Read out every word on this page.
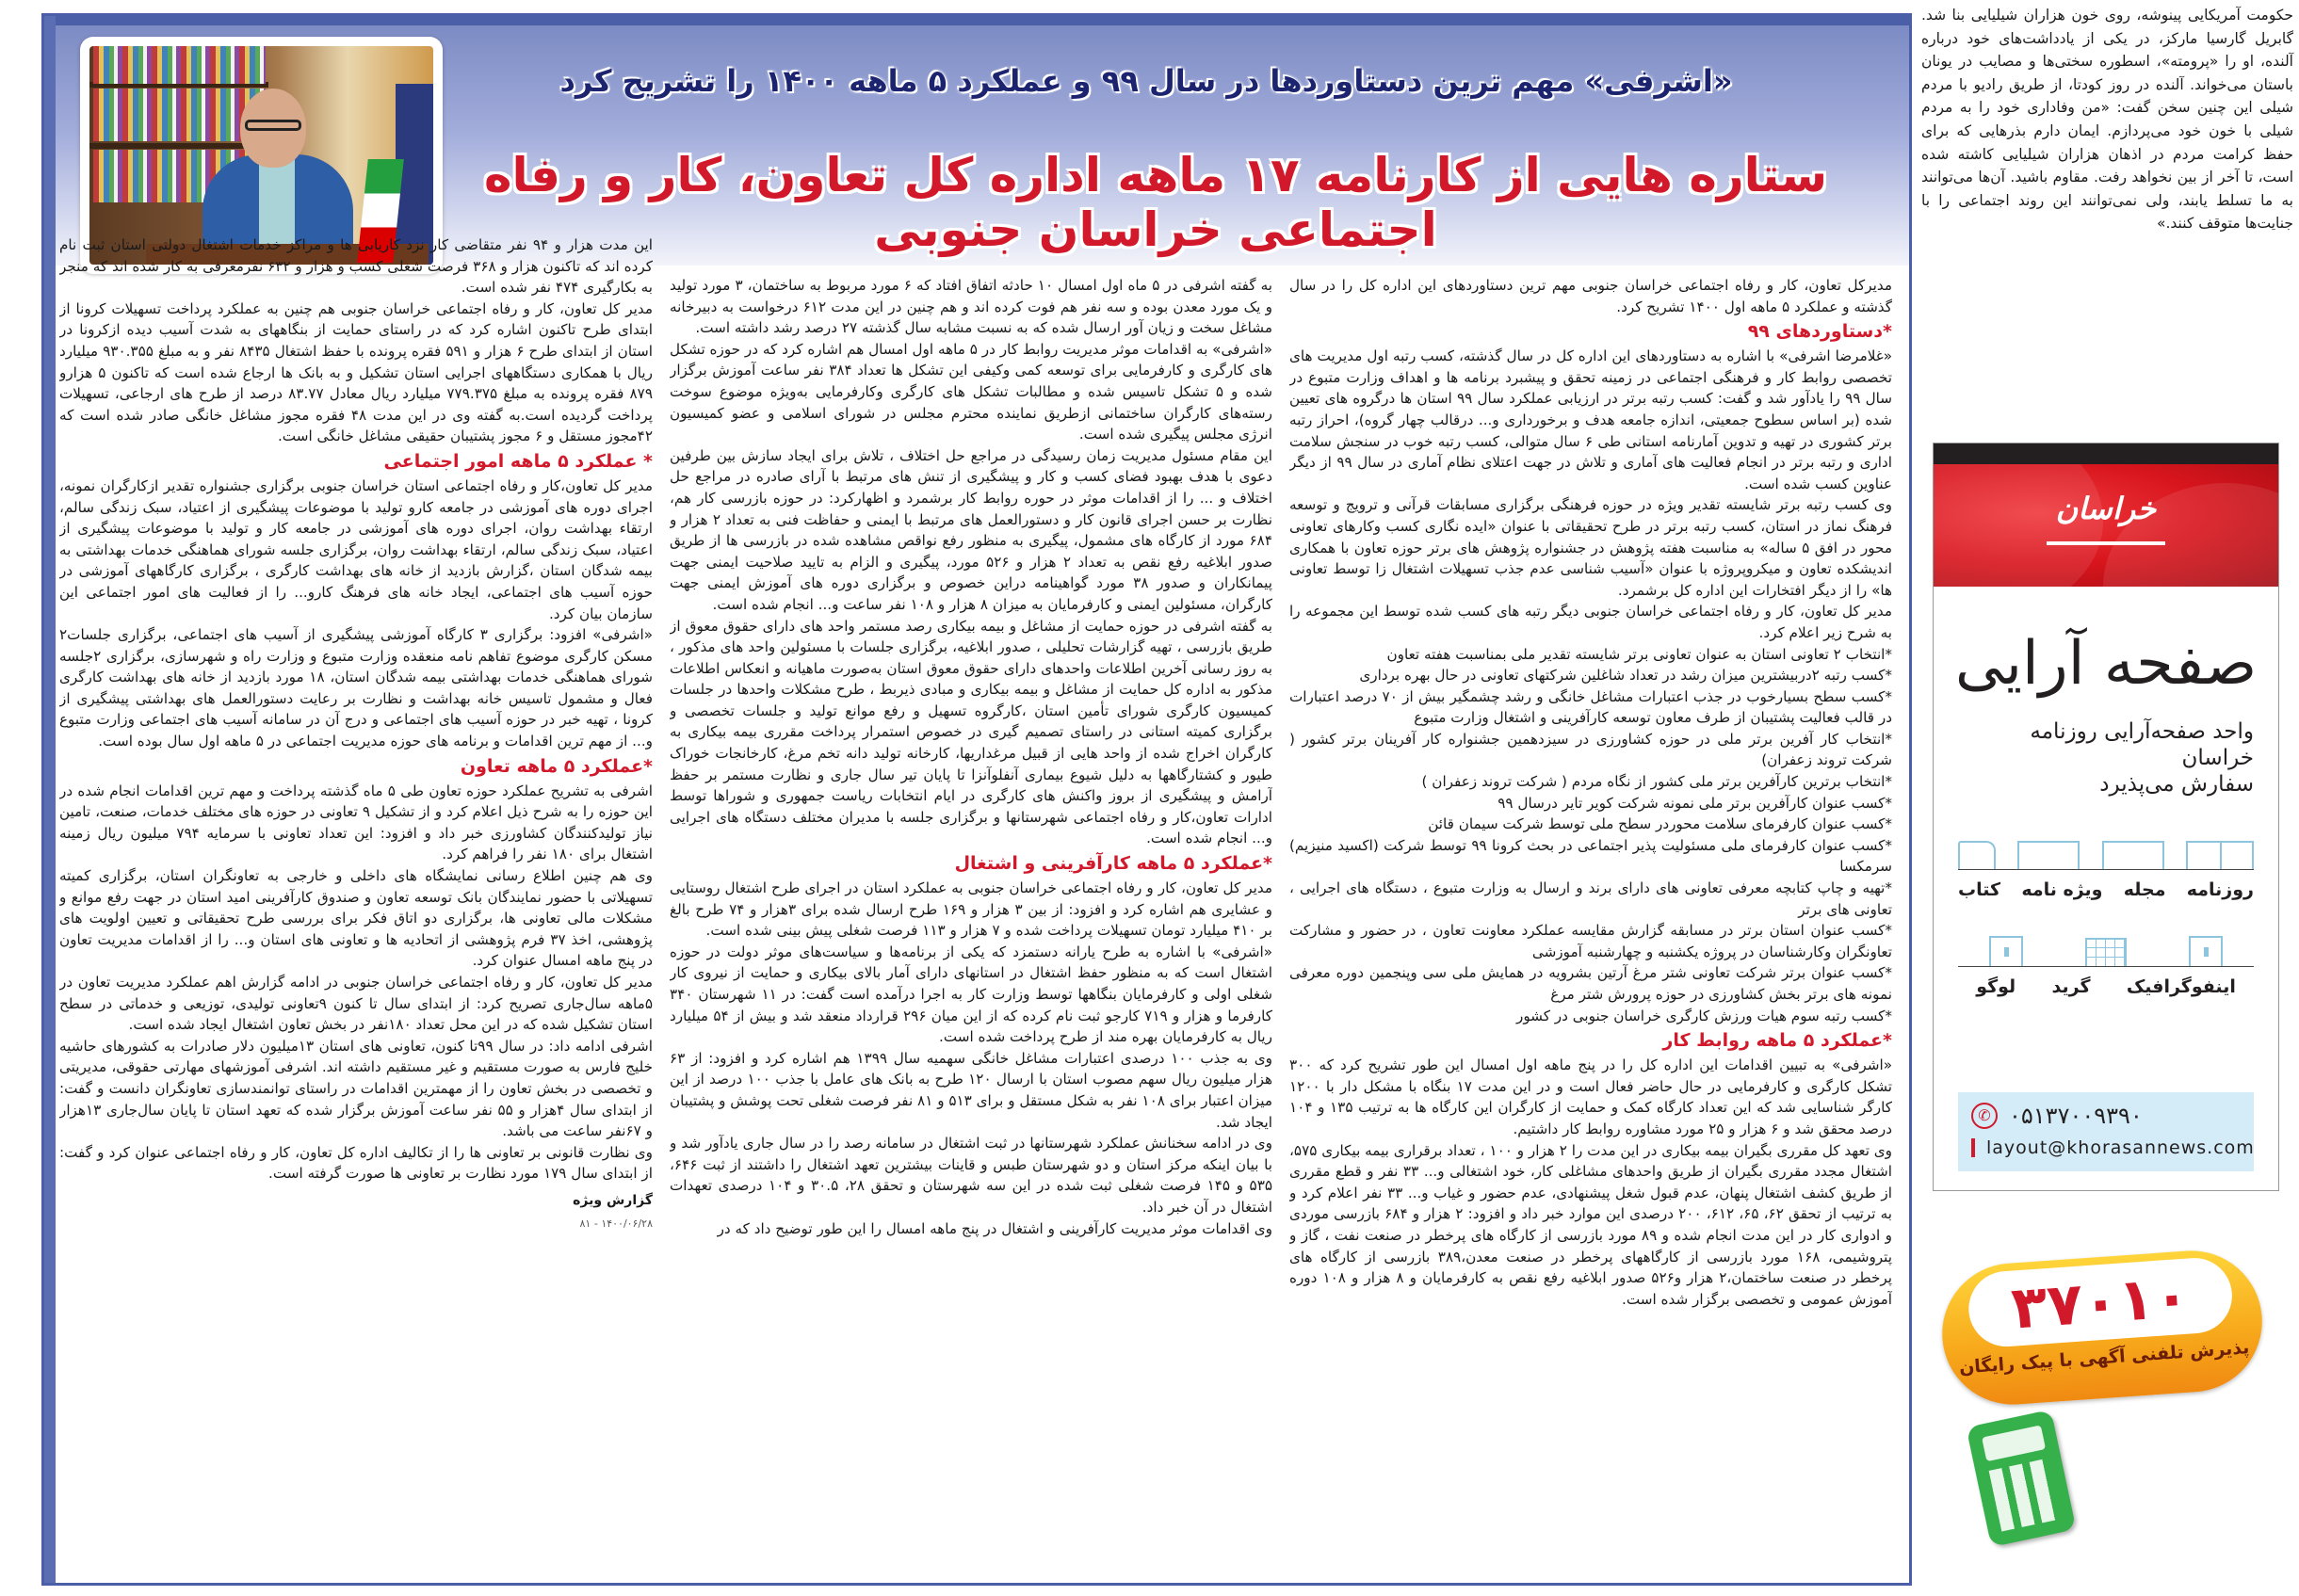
«اشرفی» مهم ترین دستاوردها در سال ۹۹ و عملکرد ۵ ماهه ۱۴۰۰ را تشریح کرد
ستاره هایی از کارنامه ۱۷ ماهه اداره کل تعاون، کار و رفاه اجتماعی خراسان جنوبی

مدیرکل تعاون، کار و رفاه اجتماعی خراسان جنوبی مهم ترین دستاوردهای این اداره کل را در سال گذشته و عملکرد ۵ ماهه اول ۱۴۰۰ تشریح کرد.

*دستاوردهای ۹۹

«غلامرضا اشرفی» با اشاره به دستاوردهای این اداره کل در سال گذشته، کسب رتبه اول مدیریت های تخصصی روابط کار و فرهنگی اجتماعی در زمینه تحقق و پیشبرد برنامه ها و اهداف وزارت متبوع در سال ۹۹ را یادآور شد و گفت: کسب رتبه برتر در ارزیابی عملکرد سال ۹۹ استان ها درگروه های تعیین شده (بر اساس سطوح جمعیتی، اندازه جامعه هدف و برخورداری و... درقالب چهار گروه)، احراز رتبه برتر کشوری در تهیه و تدوین آمارنامه استانی طی ۶ سال متوالی، کسب رتبه خوب در سنجش سلامت اداری و رتبه برتر در انجام فعالیت های آماری و تلاش در جهت اعتلای نظام آماری در سال ۹۹ از دیگر عناوین کسب شده است.

وی کسب رتبه برتر شایسته تقدیر ویژه در حوزه فرهنگی برگزاری مسابقات قرآنی و ترویج و توسعه فرهنگ نماز در استان، کسب رتبه برتر در طرح تحقیقاتی با عنوان «ایده نگاری کسب وکارهای تعاونی محور در افق ۵ ساله» به مناسبت هفته پژوهش در جشنواره پژوهش های برتر حوزه تعاون با همکاری اندیشکده تعاون و میکروپروژه با عنوان «آسیب شناسی عدم جذب تسهیلات اشتغال زا توسط تعاونی ها» را از دیگر افتخارات این اداره کل برشمرد.

مدیر کل تعاون، کار و رفاه اجتماعی خراسان جنوبی دیگر رتبه های کسب شده توسط این مجموعه را به شرح زیر اعلام کرد.

*انتخاب ۲ تعاونی استان به عنوان تعاونی برتر شایسته تقدیر ملی بمناسبت هفته تعاون

*کسب رتبه ۲دربیشترین میزان رشد در تعداد شاغلین شرکتهای تعاونی در حال بهره برداری

*کسب سطح بسیارخوب در جذب اعتبارات مشاغل خانگی و رشد چشمگیر بیش از ۷۰ درصد اعتبارات در قالب فعالیت پشتیبان از طرف معاون توسعه کارآفرینی و اشتغال وزارت متبوع

*انتخاب کار آفرین برتر ملی در حوزه کشاورزی در سیزدهمین جشنواره کار آفرینان برتر کشور ( شرکت تروند زعفران)

*انتخاب برترین کارآفرین برتر ملی کشور از نگاه مردم ( شرکت تروند زعفران )

*کسب عنوان کارآفرین برتر ملی نمونه شرکت کویر تایر درسال ۹۹

*کسب عنوان کارفرمای سلامت محوردر سطح ملی توسط شرکت سیمان قائن

*کسب عنوان کارفرمای ملی مسئولیت پذیر اجتماعی در بحث کرونا ۹۹ توسط شرکت (اکسید منیزیم) سرمکسا

*تهیه و چاپ کتابچه معرفی تعاونی های دارای برند و ارسال به وزارت متبوع ، دستگاه های اجرایی ، تعاونی های برتر

*کسب عنوان استان برتر در مسابقه گزارش مقایسه عملکرد معاونت تعاون ، در حضور و مشارکت تعاونگران وکارشناسان در پروژه یکشنبه و چهارشنبه آموزشی

*کسب عنوان برتر شرکت تعاونی شتر مرغ آرتین بشرویه در همایش ملی سی وپنجمین دوره معرفی نمونه های برتر بخش کشاورزی در حوزه پرورش شتر مرغ

*کسب رتبه سوم هیات ورزش کارگری خراسان جنوبی در کشور

*عملکرد ۵ ماهه روابط کار

«اشرفی» به تبیین اقدامات این اداره کل را در پنج ماهه اول امسال این طور تشریح کرد که ۳۰۰ تشکل کارگری و کارفرمایی در حال حاضر فعال است و در این مدت ۱۷ بنگاه با مشکل دار با ۱۲۰۰ کارگر شناسایی شد که این تعداد کارگاه کمک و حمایت از کارگران این کارگاه ها به ترتیب ۱۳۵ و ۱۰۴ درصد محقق شد و ۶ هزار و ۲۵ مورد مشاوره روابط کار داشتیم.

وی تعهد کل مقرری بگیران بیمه بیکاری در این مدت را ۲ هزار و ۱۰۰ ، تعداد برقراری بیمه بیکاری ۵۷۵، اشتغال مجدد مقرری بگیران از طریق واحدهای مشاغلی کار، خود اشتغالی و... ۳۳ نفر و قطع مقرری از طریق کشف اشتغال پنهان، عدم قبول شغل پیشنهادی، عدم حضور و غیاب و... ۳۳ نفر اعلام کرد و به ترتیب از تحقق ۶۲، ۶۵، ۶۱۲، ۲۰۰ درصدی این موارد خبر داد و افزود: ۲ هزار و ۶۸۴ بازرسی موردی و ادواری کار در این مدت انجام شده و ۸۹ مورد بازرسی از کارگاه های پرخطر در صنعت نفت ، گاز و پتروشیمی، ۱۶۸ مورد بازرسی از کارگاههای پرخطر در صنعت معدن،۳۸۹ بازرسی از کارگاه های پرخطر در صنعت ساختمان،۲ هزار و۵۲۶ صدور ابلاغیه رفع نقص به کارفرمایان و ۸ هزار و ۱۰۸ دوره آموزش عمومی و تخصصی برگزار شده است.

به گفته اشرفی در ۵ ماه اول امسال ۱۰ حادثه اتفاق افتاد که ۶ مورد مربوط به ساختمان، ۳ مورد تولید و یک مورد معدن بوده و سه نفر هم فوت کرده اند و هم چنین در این مدت ۶۱۲ درخواست به دبیرخانه مشاغل سخت و زیان آور ارسال شده که به نسبت مشابه سال گذشته ۲۷ درصد رشد داشته است.

«اشرفی» به اقدامات موثر مدیریت روابط کار در ۵ ماهه اول امسال هم اشاره کرد که در حوزه تشکل های کارگری و کارفرمایی برای توسعه کمی وکیفی این تشکل ها تعداد ۳۸۴ نفر ساعت آموزش برگزار شده و ۵ تشکل تاسیس شده و مطالبات تشکل های کارگری وکارفرمایی به‌ویژه موضوع سوخت رسته‌های کارگران ساختمانی ازطریق نماینده محترم مجلس در شورای اسلامی و عضو کمیسیون انرژی مجلس پیگیری شده است.

این مقام مسئول مدیریت زمان رسیدگی در مراجع حل اختلاف ، تلاش برای ایجاد سازش بین طرفین دعوی با هدف بهبود فضای کسب و کار و پیشگیری از تنش های مرتبط با آرای صادره در مراجع حل اختلاف و ... را از اقدامات موثر در حوره روابط کار برشمرد و اظهارکرد: در حوزه بازرسی کار هم، نظارت بر حسن اجرای قانون کار و دستورالعمل های مرتبط با ایمنی و حفاظت فنی به تعداد ۲ هزار و ۶۸۴ مورد از کارگاه های مشمول، پیگیری به منظور رفع نواقص مشاهده شده در بازرسی ها از طریق صدور ابلاغیه رفع نقص به تعداد ۲ هزار و ۵۲۶ مورد، پیگیری و الزام به تایید صلاحیت ایمنی جهت پیمانکاران و صدور ۳۸ مورد گواهینامه دراین خصوص و برگزاری دوره های آموزش ایمنی جهت کارگران، مسئولین ایمنی و کارفرمایان به میزان ۸ هزار و ۱۰۸ نفر ساعت و... انجام شده است.

به گفته اشرفی در حوزه حمایت از مشاغل و بیمه بیکاری رصد مستمر واحد های دارای حقوق معوق از طریق بازرسی ، تهیه گزارشات تحلیلی ، صدور ابلاغیه، برگزاری جلسات با مسئولین واحد های مذکور ، به روز رسانی آخرین اطلاعات واحدهای دارای حقوق معوق استان به‌صورت ماهیانه و انعکاس اطلاعات مذکور به اداره کل حمایت از مشاغل و بیمه بیکاری و مبادی ذیربط ، طرح مشکلات واحدها در جلسات کمیسیون کارگری شورای تأمین استان ،کارگروه تسهیل و رفع موانع تولید و جلسات تخصصی و برگزاری کمیته استانی در راستای تصمیم گیری در خصوص استمرار پرداخت مقرری بیمه بیکاری به کارگران اخراج شده از واحد هایی از قبیل مرغداریها، کارخانه تولید دانه تخم مرغ، کارخانجات خوراک طیور و کشتارگاهها به دلیل شیوع بیماری آنفلوآنزا تا پایان تیر سال جاری و نظارت مستمر بر حفظ آرامش و پیشگیری از بروز واکنش های کارگری در ایام انتخابات ریاست جمهوری و شوراها توسط ادارات تعاون،کار و رفاه اجتماعی شهرستانها و برگزاری جلسه با مدیران مختلف دستگاه های اجرایی و... انجام شده است.

*عملکرد ۵ ماهه کارآفرینی و اشتغال

مدیر کل تعاون، کار و رفاه اجتماعی خراسان جنوبی به عملکرد استان در اجرای طرح اشتغال روستایی و عشایری هم اشاره کرد و افزود: از بین ۳ هزار و ۱۶۹ طرح ارسال شده برای ۳هزار و ۷۴ طرح بالغ بر ۴۱۰ میلیارد تومان تسهیلات پرداخت شده و ۷ هزار و ۱۱۳ فرصت شغلی پیش بینی شده است.

«اشرفی» با اشاره به طرح یارانه دستمزد که یکی از برنامه‌ها و سیاست‌های موثر دولت در حوزه اشتغال است که به منظور حفظ اشتغال در استانهای دارای آمار بالای بیکاری و حمایت از نیروی کار شغلی اولی و کارفرمایان بنگاهها توسط وزارت کار به اجرا درآمده است گفت: در ۱۱ شهرستان ۳۴۰ کارفرما و هزار و ۷۱۹ کارجو ثبت نام کرده که از این میان ۲۹۶ قرارداد منعقد شد و بیش از ۵۴ میلیارد ریال به کارفرمایان بهره مند از طرح پرداخت شده است.

وی به جذب ۱۰۰ درصدی اعتبارات مشاغل خانگی سهمیه سال ۱۳۹۹ هم اشاره کرد و افزود: از ۶۳ هزار میلیون ریال سهم مصوب استان با ارسال ۱۲۰ طرح به بانک های عامل با جذب ۱۰۰ درصد از این میزان اعتبار برای ۱۰۸ نفر به شکل مستقل و برای ۵۱۳ و ۸۱ نفر فرصت شغلی تحت پوشش و پشتیبان ایجاد شد.

وی در ادامه سخنانش عملکرد شهرستانها در ثبت اشتغال در سامانه رصد را در سال جاری یادآور شد و با بیان اینکه مرکز استان و دو شهرستان طبس و قاینات بیشترین تعهد اشتغال را داشتند از ثبت ۶۴۶، ۵۳۵ و ۱۴۵ فرصت شغلی ثبت شده در این سه شهرستان و تحقق ۲۸، ۳۰.۵ و ۱۰۴ درصدی تعهدات اشتغال در آن خبر داد.

وی اقدامات موثر مدیریت کارآفرینی و اشتغال در پنج ماهه امسال را این طور توضیح داد که در

این مدت هزار و ۹۴ نفر متقاضی کار نزد کاریابی ها و مراکز خدمات اشتغال دولتی استان ثبت نام کرده اند که تاکنون هزار و ۳۶۸ فرصت شغلی کسب و هزار و ۶۳۲ نفرمعرفی به کار شده اند که منجر به بکارگیری ۴۷۴ نفر شده است.

مدیر کل تعاون، کار و رفاه اجتماعی خراسان جنوبی هم چنین به عملکرد پرداخت تسهیلات کرونا از ابتدای طرح تاکنون اشاره کرد که در راستای حمایت از بنگاههای به شدت آسیب دیده ازکرونا در استان از ابتدای طرح ۶ هزار و ۵۹۱ فقره پرونده با حفظ اشتغال ۸۴۳۵ نفر و به مبلغ ۹۳۰.۳۵۵ میلیارد ریال با همکاری دستگاههای اجرایی استان تشکیل و به بانک ها ارجاع شده است که تاکنون ۵ هزارو ۸۷۹ فقره پرونده به مبلغ ۷۷۹.۳۷۵ میلیارد ریال معادل ۸۳.۷۷ درصد از طرح های ارجاعی، تسهیلات پرداخت گردیده است.به گفته وی در این مدت ۴۸ فقره مجوز مشاغل خانگی صادر شده است که ۴۲مجوز مستقل و ۶ مجوز پشتیبان حقیقی مشاغل خانگی است.

* عملکرد ۵ ماهه امور اجتماعی

مدیر کل تعاون،کار و رفاه اجتماعی استان خراسان جنوبی برگزاری جشنواره تقدیر ازکارگران نمونه، اجرای دوره های آموزشی در جامعه کارو تولید با موضوعات پیشگیری از اعتیاد، سبک زندگی سالم، ارتقاء بهداشت روان، اجرای دوره های آموزشی در جامعه کار و تولید با موضوعات پیشگیری از اعتیاد، سبک زندگی سالم، ارتقاء بهداشت روان، برگزاری جلسه شورای هماهنگی خدمات بهداشتی به بیمه شدگان استان ،گزارش بازدید از خانه های بهداشت کارگری ، برگزاری کارگاههای آموزشی در حوزه آسیب های اجتماعی، ایجاد خانه های فرهنگ کارو... را از فعالیت های امور اجتماعی این سازمان بیان کرد.

«اشرفی» افزود: برگزاری ۳ کارگاه آموزشی پیشگیری از آسیب های اجتماعی، برگزاری جلسات۲ مسکن کارگری موضوع تفاهم نامه منعقده وزارت متبوع و وزارت راه و شهرسازی، برگزاری ۲جلسه شورای هماهنگی خدمات بهداشتی بیمه شدگان استان، ۱۸ مورد بازدید از خانه های بهداشت کارگری فعال و مشمول تاسیس خانه بهداشت و نظارت بر رعایت دستورالعمل های بهداشتی پیشگیری از کرونا ، تهیه خبر در حوزه آسیب های اجتماعی و درج آن در سامانه آسیب های اجتماعی وزارت متبوع و... از مهم ترین اقدامات و برنامه های حوزه مدیریت اجتماعی در ۵ ماهه اول سال بوده است.

*عملکرد ۵ ماهه تعاون

اشرفی به تشریح عملکرد حوزه تعاون طی ۵ ماه گذشته پرداخت و مهم ترین اقدامات انجام شده در این حوزه را به شرح ذیل اعلام کرد و از تشکیل ۹ تعاونی در حوزه های مختلف خدمات، صنعت، تامین نیاز تولیدکنندگان کشاورزی خبر داد و افزود: این تعداد تعاونی با سرمایه ۷۹۴ میلیون ریال زمینه اشتغال برای ۱۸۰ نفر را فراهم کرد.

وی هم چنین اطلاع رسانی نمایشگاه های داخلی و خارجی به تعاونگران استان، برگزاری کمیته تسهیلاتی با حضور نمایندگان بانک توسعه تعاون و صندوق کارآفرینی امید استان در جهت رفع موانع و مشکلات مالی تعاونی ها، برگزاری دو اتاق فکر برای بررسی طرح تحقیقاتی و تعیین اولویت های پژوهشی، اخذ ۳۷ فرم پژوهشی از اتحادیه ها و تعاونی های استان و... را از اقدامات مدیریت تعاون در پنج ماهه امسال عنوان کرد.

مدیر کل تعاون، کار و رفاه اجتماعی خراسان جنوبی در ادامه گزارش اهم عملکرد مدیریت تعاون در ۵ماهه سال‌جاری تصریح کرد: از ابتدای سال تا کنون ۹تعاونی تولیدی، توزیعی و خدماتی در سطح استان تشکیل شده که در این محل تعداد ۱۸۰نفر در بخش تعاون اشتغال ایجاد شده است.

اشرفی ادامه داد: در سال ۹۹تا کنون، تعاونی های استان ۱۳میلیون دلار صادرات به کشورهای حاشیه خلیج فارس به صورت مستقیم و غیر مستقیم داشته اند. اشرفی آموزشهای مهارتی حقوقی، مدیریتی و تخصصی در بخش تعاون را از مهمترین اقدامات در راستای توانمندسازی تعاونگران دانست و گفت: از ابتدای سال ۴هزار و ۵۵ نفر ساعت آموزش برگزار شده که تعهد استان تا پایان سال‌جاری ۱۳هزار و ۶۷نفر ساعت می باشد.

وی نظارت قانونی بر تعاونی ها را از تکالیف اداره کل تعاون، کار و رفاه اجتماعی عنوان کرد و گفت: از ابتدای سال ۱۷۹ مورد نظارت بر تعاونی ها صورت گرفته است.

گزارش ویژه
۱۴۰۰/۰۶/۲۸ - ۸۱
حکومت آمریکایی پینوشه، روی خون هزاران شیلیایی بنا شد. گابریل گارسیا مارکز، در یکی از یادداشت‌های خود درباره آلنده، او را «پرومته»، اسطوره سختی‌ها و مصایب در یونان باستان می‌خواند. آلنده در روز کودتا، از طریق رادیو با مردم شیلی این چنین سخن گفت: «من وفاداری خود را به مردم شیلی با خون خود می‌پردازم. ایمان دارم بذرهایی که برای حفظ کرامت مردم در اذهان هزاران شیلیایی کاشته شده است، تا آخر از بین نخواهد رفت. مقاوم باشید. آن‌ها می‌توانند به ما تسلط یابند، ولی نمی‌توانند این روند اجتماعی را با جنایت‌ها متوقف کنند.»
خراسان
صفحه آرایی
واحد صفحه‌آرایی روزنامه خراسان
سفارش می‌پذیرد
روزنامه
مجله
ویژه نامه
کتاب
اینفوگرافیک
گرید
لوگو
✆ ۰۵۱۳۷۰۰۹۳۹۰
layout@khorasannews.com
۳۷۰۱۰
پذیرش تلفنی آگهی با پیک رایگان
